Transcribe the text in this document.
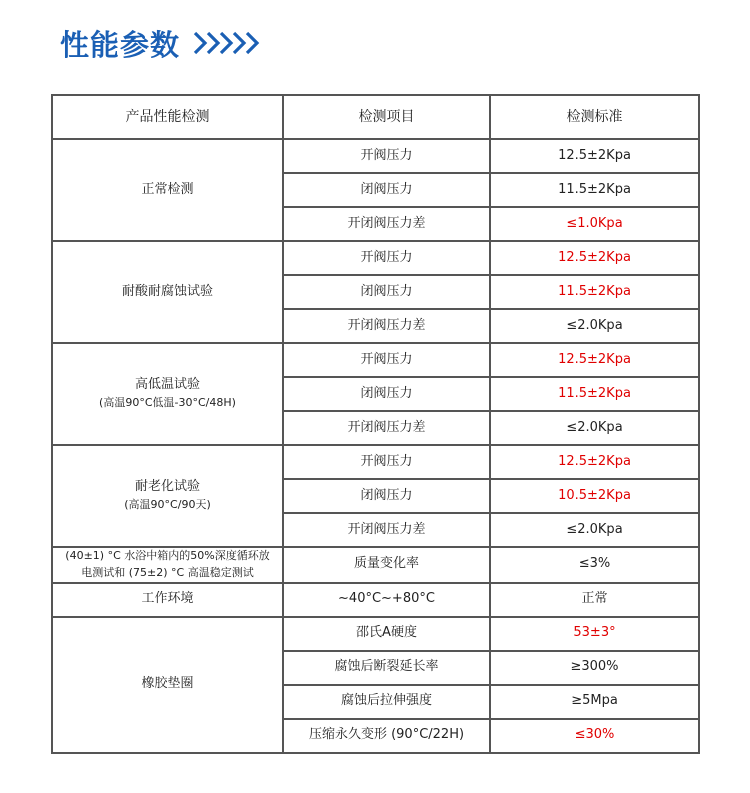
性能参数
产品性能检测	检测项目	检测标准
正常检测	开阀压力	12.5±2Kpa
	闭阀压力	11.5±2Kpa
	开闭阀压力差	≤1.0Kpa
耐酸耐腐蚀试验	开阀压力	12.5±2Kpa
	闭阀压力	11.5±2Kpa
	开闭阀压力差	≤2.0Kpa
高低温试验
(高温90°C低温-30°C/48H)	开阀压力	12.5±2Kpa
	闭阀压力	11.5±2Kpa
	开闭阀压力差	≤2.0Kpa
耐老化试验
(高温90°C/90天)	开阀压力	12.5±2Kpa
	闭阀压力	10.5±2Kpa
	开闭阀压力差	≤2.0Kpa
(40±1) °C 水浴中箱内的50%深度循环放电测试和 (75±2) °C 高温稳定测试	质量变化率	≤3%
工作环境	~40°C~+80°C	正常
橡胶垫圈	邵氏A硬度	53±3°
	腐蚀后断裂延长率	≥300%
	腐蚀后拉伸强度	≥5Mpa
	压缩永久变形 (90°C/22H)	≤30%
